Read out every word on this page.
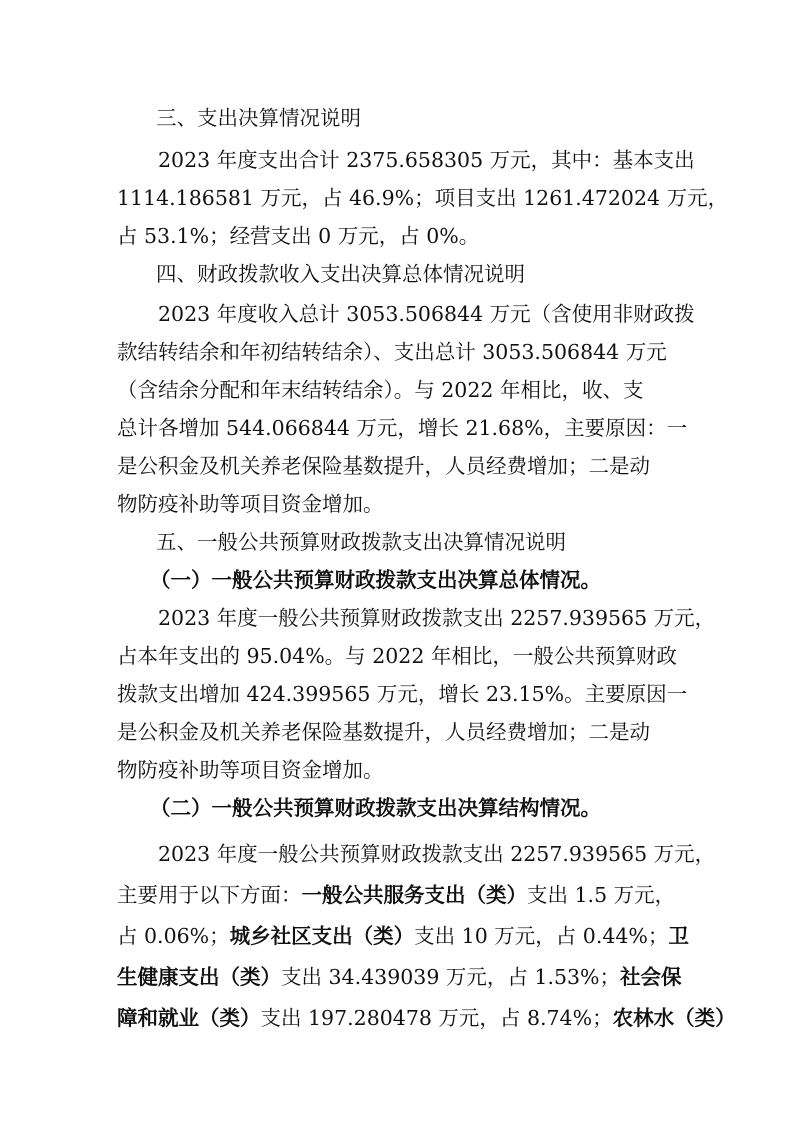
三、支出决算情况说明
2023 年度支出合计 2375.658305 万元，其中：基本支出
1114.186581 万元，占 46.9%；项目支出 1261.472024 万元，
占 53.1%；经营支出 0 万元，占 0%。
四、财政拨款收入支出决算总体情况说明
2023 年度收入总计 3053.506844 万元（含使用非财政拨
款结转结余和年初结转结余）、支出总计 3053.506844 万元
（含结余分配和年末结转结余）。与 2022 年相比，收、支
总计各增加 544.066844 万元，增长 21.68%，主要原因：一
是公积金及机关养老保险基数提升，人员经费增加；二是动
物防疫补助等项目资金增加。
五、一般公共预算财政拨款支出决算情况说明
（一）一般公共预算财政拨款支出决算总体情况。
2023 年度一般公共预算财政拨款支出 2257.939565 万元，
占本年支出的 95.04%。与 2022 年相比，一般公共预算财政
拨款支出增加 424.399565 万元，增长 23.15%。主要原因一
是公积金及机关养老保险基数提升，人员经费增加；二是动
物防疫补助等项目资金增加。
（二）一般公共预算财政拨款支出决算结构情况。
2023 年度一般公共预算财政拨款支出 2257.939565 万元，
主要用于以下方面：一般公共服务支出（类）支出 1.5 万元，
占 0.06%；城乡社区支出（类）支出 10 万元，占 0.44%；卫
生健康支出（类）支出 34.439039 万元，占 1.53%；社会保
障和就业（类）支出 197.280478 万元，占 8.74%；农林水（类）
